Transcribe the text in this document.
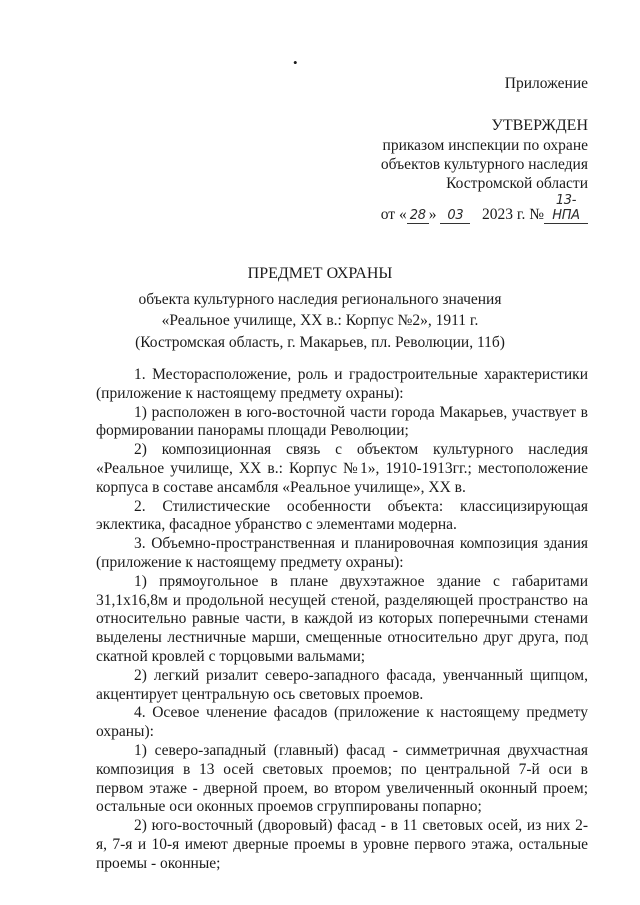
•
Приложение
УТВЕРЖДЕН
приказом инспекции по охране
объектов культурного наследия
Костромской области
от « 28 » 03 2023 г. №13-НПА
ПРЕДМЕТ ОХРАНЫ
объекта культурного наследия регионального значения
«Реальное училище, XX в.: Корпус №2», 1911 г.
(Костромская область, г. Макарьев, пл. Революции, 11б)

1. Месторасположение, роль и градостроительные характеристики (приложение к настоящему предмету охраны):

1) расположен в юго-восточной части города Макарьев, участвует в формировании панорамы площади Революции;

2) композиционная связь с объектом культурного наследия «Реальное училище, XX в.: Корпус №1», 1910-1913гг.; местоположение корпуса в составе ансамбля «Реальное училище», XX в.

2. Стилистические особенности объекта: классицизирующая эклектика, фасадное убранство с элементами модерна.

3. Объемно-пространственная и планировочная композиция здания (приложение к настоящему предмету охраны):

1) прямоугольное в плане двухэтажное здание с габаритами 31,1х16,8м и продольной несущей стеной, разделяющей пространство на относительно равные части, в каждой из которых поперечными стенами выделены лестничные марши, смещенные относительно друг друга, под скатной кровлей с торцовыми вальмами;

2) легкий ризалит северо-западного фасада, увенчанный щипцом, акцентирует центральную ось световых проемов.

4. Осевое членение фасадов (приложение к настоящему предмету охраны):

1) северо-западный (главный) фасад - симметричная двухчастная композиция в 13 осей световых проемов; по центральной 7-й оси в первом этаже - дверной проем, во втором увеличенный оконный проем; остальные оси оконных проемов сгруппированы попарно;

2) юго-восточный (дворовый) фасад - в 11 световых осей, из них 2-я, 7-я и 10-я имеют дверные проемы в уровне первого этажа, остальные проемы - оконные;
